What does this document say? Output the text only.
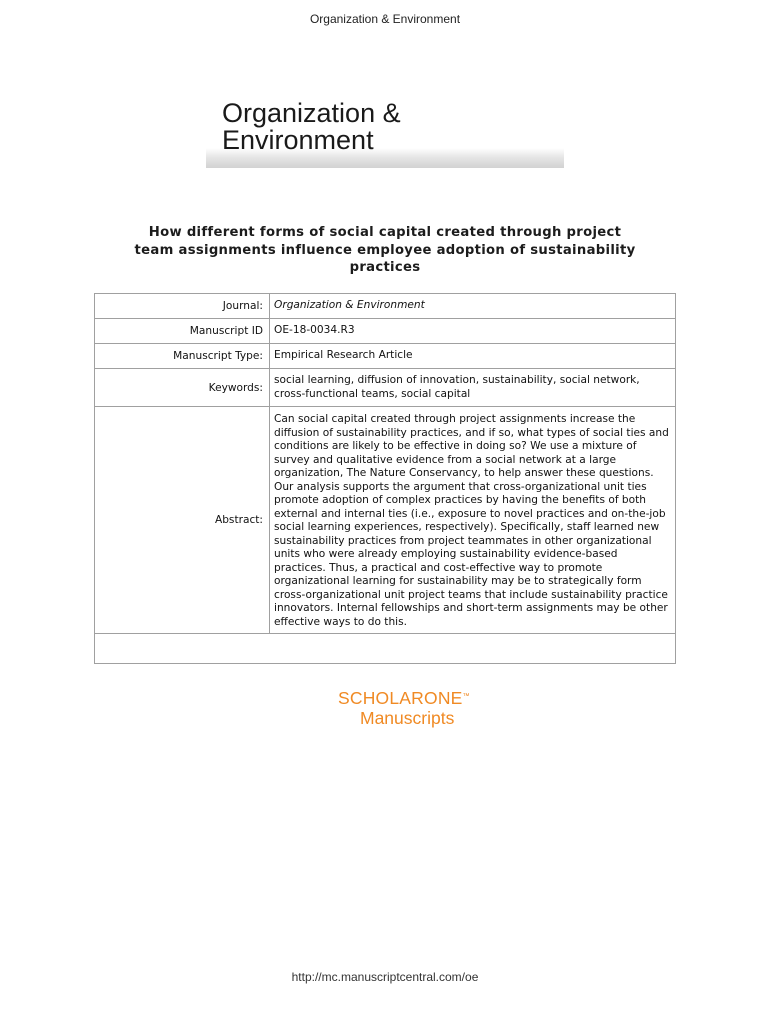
Organization & Environment
Organization &
Environment
How different forms of social capital created through project team assignments influence employee adoption of sustainability practices
Journal:	Organization & Environment
Manuscript ID	OE-18-0034.R3
Manuscript Type:	Empirical Research Article
Keywords:	social learning, diffusion of innovation, sustainability, social network, cross-functional teams, social capital
Abstract:	Can social capital created through project assignments increase the diffusion of sustainability practices, and if so, what types of social ties and conditions are likely to be effective in doing so? We use a mixture of survey and qualitative evidence from a social network at a large organization, The Nature Conservancy, to help answer these questions. Our analysis supports the argument that cross-organizational unit ties promote adoption of complex practices by having the benefits of both external and internal ties (i.e., exposure to novel practices and on-the-job social learning experiences, respectively). Specifically, staff learned new sustainability practices from project teammates in other organizational units who were already employing sustainability evidence-based practices. Thus, a practical and cost-effective way to promote organizational learning for sustainability may be to strategically form cross-organizational unit project teams that include sustainability practice innovators. Internal fellowships and short-term assignments may be other effective ways to do this.

SCHOLARONE™
Manuscripts
http://mc.manuscriptcentral.com/oe
